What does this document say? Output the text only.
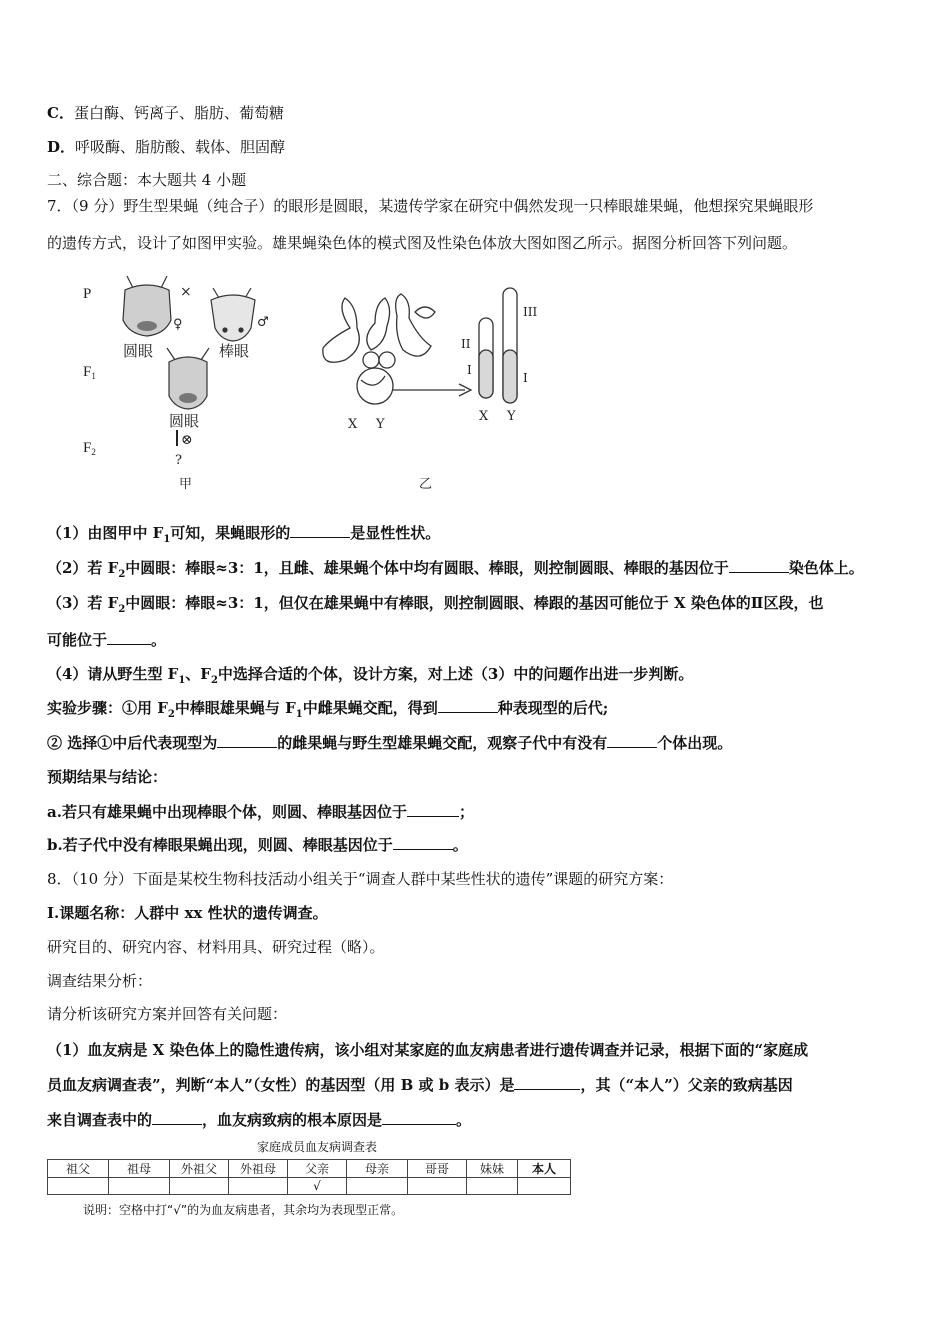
C．蛋白酶、钙离子、脂肪、葡萄糖
D．呼吸酶、脂肪酸、载体、胆固醇
二、综合题：本大题共 4 小题
7．（9 分）野生型果蝇（纯合子）的眼形是圆眼，某遗传学家在研究中偶然发现一只棒眼雄果蝇，他想探究果蝇眼形
的遗传方式，设计了如图甲实验。雄果蝇染色体的模式图及性染色体放大图如图乙所示。据图分析回答下列问题。
P
$F_1$
$F_2$
×
♀	♂
圆眼	棒眼
圆眼
⊗
?
甲
X Y
II
I
III
I
X Y
乙
（1）由图甲中 $F_1$可知，果蝇眼形的	是显性性状。
（2）若 $F_2$中圆眼：棒眼≈3：1，且雌、雄果蝇个体中均有圆眼、棒眼，则控制圆眼、棒眼的基因位于	染色体上。
（3）若 $F_2$中圆眼：棒眼≈3：1，但仅在雄果蝇中有棒眼，则控制圆眼、棒跟的基因可能位于 X 染色体的Ⅱ区段，也
可能位于	。
（4）请从野生型 $F_1$、$F_2$中选择合适的个体，设计方案，对上述（3）中的问题作出进一步判断。
实验步骤：①用 $F_2$中棒眼雄果蝇与 $F_1$中雌果蝇交配，得到	种表现型的后代;
② 选择①中后代表现型为	的雌果蝇与野生型雄果蝇交配，观察子代中有没有	个体出现。
预期结果与结论：
a.若只有雄果蝇中出现棒眼个体，则圆、棒眼基因位于	；
b.若子代中没有棒眼果蝇出现，则圆、棒眼基因位于	。
8．（10 分）下面是某校生物科技活动小组关于“调查人群中某些性状的遗传”课题的研究方案：
I.课题名称：人群中 xx 性状的遗传调查。
研究目的、研究内容、材料用具、研究过程（略）。
调查结果分析：
请分析该研究方案并回答有关问题：
（1）血友病是 X 染色体上的隐性遗传病，该小组对某家庭的血友病患者进行遗传调查并记录，根据下面的“家庭成
员血友病调查表”，判断“本人”（女性）的基因型（用 B 或 b 表示）是	，其（“本人”）父亲的致病基因
来自调查表中的	，血友病致病的根本原因是	。
家庭成员血友病调查表
祖父	祖母	外祖父	外祖母	父亲	母亲	哥哥	妹妹	本人
				√				
说明：空格中打“√”的为血友病患者，其余均为表现型正常。
